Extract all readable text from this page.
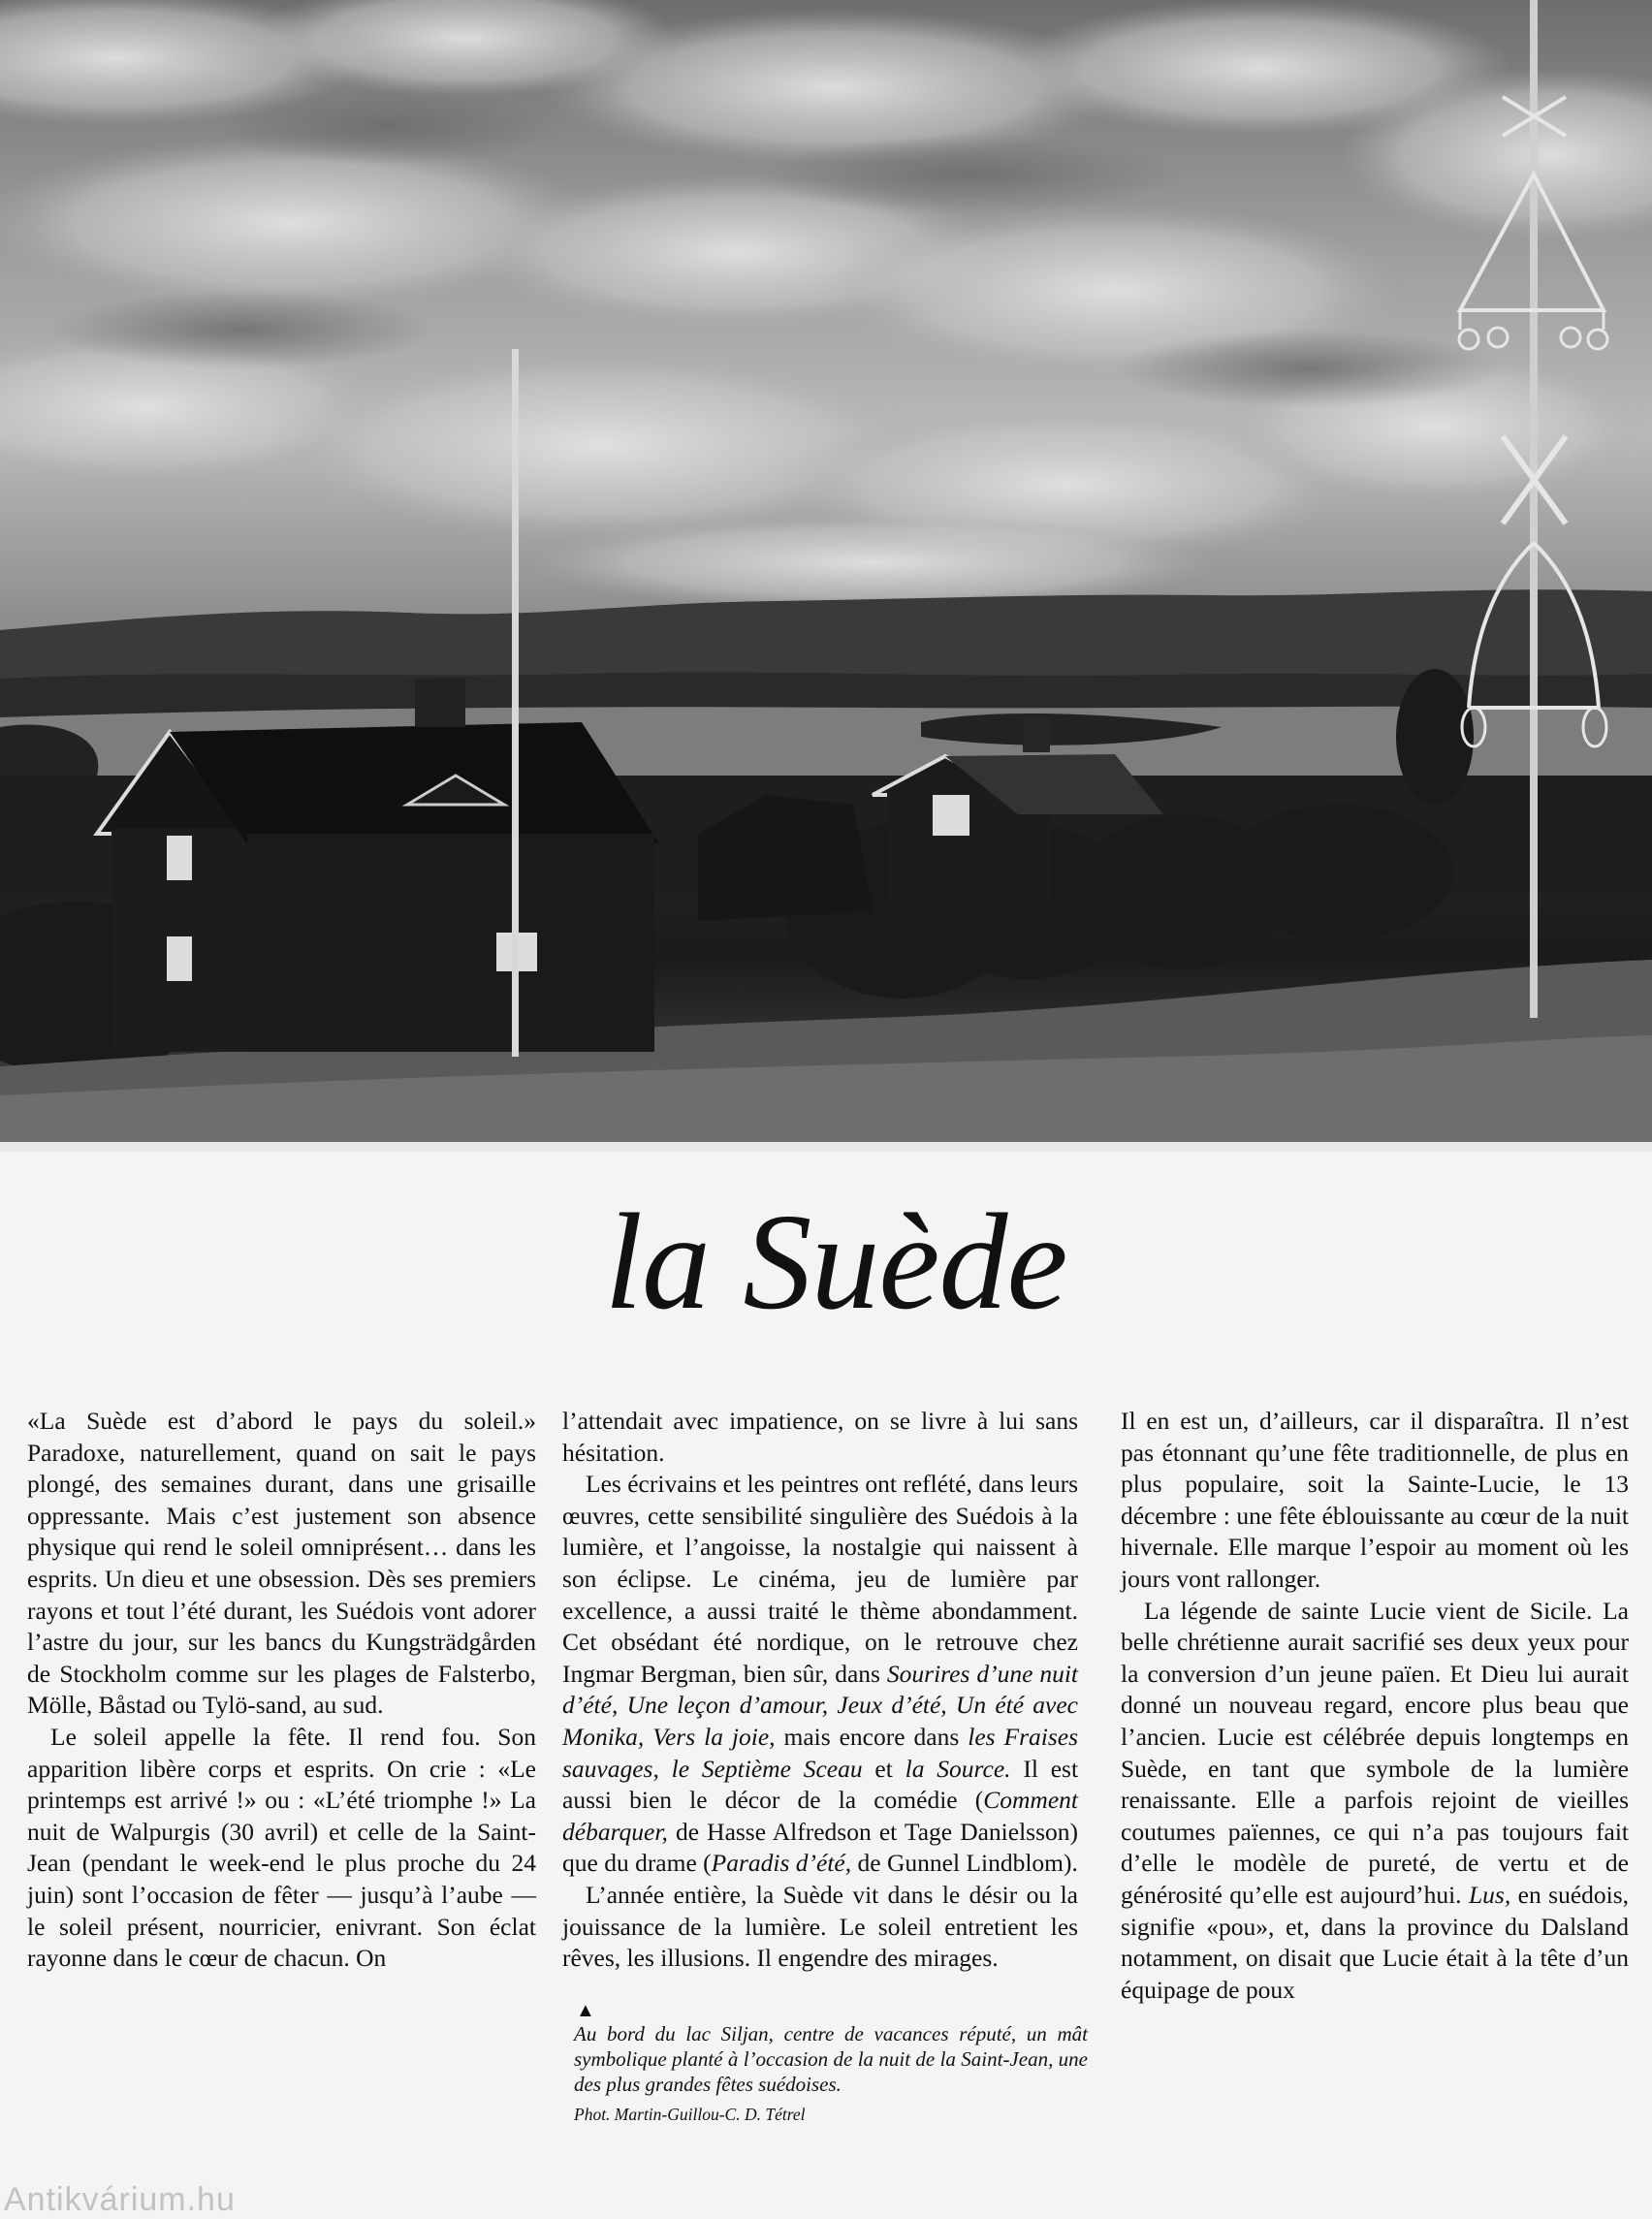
la Suède

«La Suède est d’abord le pays du soleil.» Paradoxe, naturellement, quand on sait le pays plongé, des semaines durant, dans une grisaille oppressante. Mais c’est justement son absence physique qui rend le soleil omniprésent… dans les esprits. Un dieu et une obsession. Dès ses premiers rayons et tout l’été durant, les Suédois vont adorer l’astre du jour, sur les bancs du Kungsträdgården de Stockholm comme sur les plages de Falsterbo, Mölle, Båstad ou Tylö-sand, au sud.

Le soleil appelle la fête. Il rend fou. Son apparition libère corps et esprits. On crie : «Le printemps est arrivé !» ou : «L’été triomphe !» La nuit de Walpurgis (30 avril) et celle de la Saint-Jean (pendant le week-end le plus proche du 24 juin) sont l’occasion de fêter — jusqu’à l’aube — le soleil présent, nourricier, enivrant. Son éclat rayonne dans le cœur de chacun. On

l’attendait avec impatience, on se livre à lui sans hésitation.

Les écrivains et les peintres ont reflété, dans leurs œuvres, cette sensibilité singulière des Suédois à la lumière, et l’angoisse, la nostalgie qui naissent à son éclipse. Le cinéma, jeu de lumière par excellence, a aussi traité le thème abondamment. Cet obsédant été nordique, on le retrouve chez Ingmar Bergman, bien sûr, dans Sourires d’une nuit d’été, Une leçon d’amour, Jeux d’été, Un été avec Monika, Vers la joie, mais encore dans les Fraises sauvages, le Septième Sceau et la Source. Il est aussi bien le décor de la comédie (Comment débarquer, de Hasse Alfredson et Tage Danielsson) que du drame (Paradis d’été, de Gunnel Lindblom).

L’année entière, la Suède vit dans le désir ou la jouissance de la lumière. Le soleil entretient les rêves, les illusions. Il engendre des mirages.

▲
Au bord du lac Siljan, centre de vacances réputé, un mât symbolique planté à l’occasion de la nuit de la Saint-Jean, une des plus grandes fêtes suédoises.
Phot. Martin-Guillou-C. D. Tétrel

Il en est un, d’ailleurs, car il disparaîtra. Il n’est pas étonnant qu’une fête traditionnelle, de plus en plus populaire, soit la Sainte-Lucie, le 13 décembre : une fête éblouissante au cœur de la nuit hivernale. Elle marque l’espoir au moment où les jours vont rallonger.

La légende de sainte Lucie vient de Sicile. La belle chrétienne aurait sacrifié ses deux yeux pour la conversion d’un jeune païen. Et Dieu lui aurait donné un nouveau regard, encore plus beau que l’ancien. Lucie est célébrée depuis longtemps en Suède, en tant que symbole de la lumière renaissante. Elle a parfois rejoint de vieilles coutumes païennes, ce qui n’a pas toujours fait d’elle le modèle de pureté, de vertu et de générosité qu’elle est aujourd’hui. Lus, en suédois, signifie «pou», et, dans la province du Dalsland notamment, on disait que Lucie était à la tête d’un équipage de poux

Antikvárium.hu
